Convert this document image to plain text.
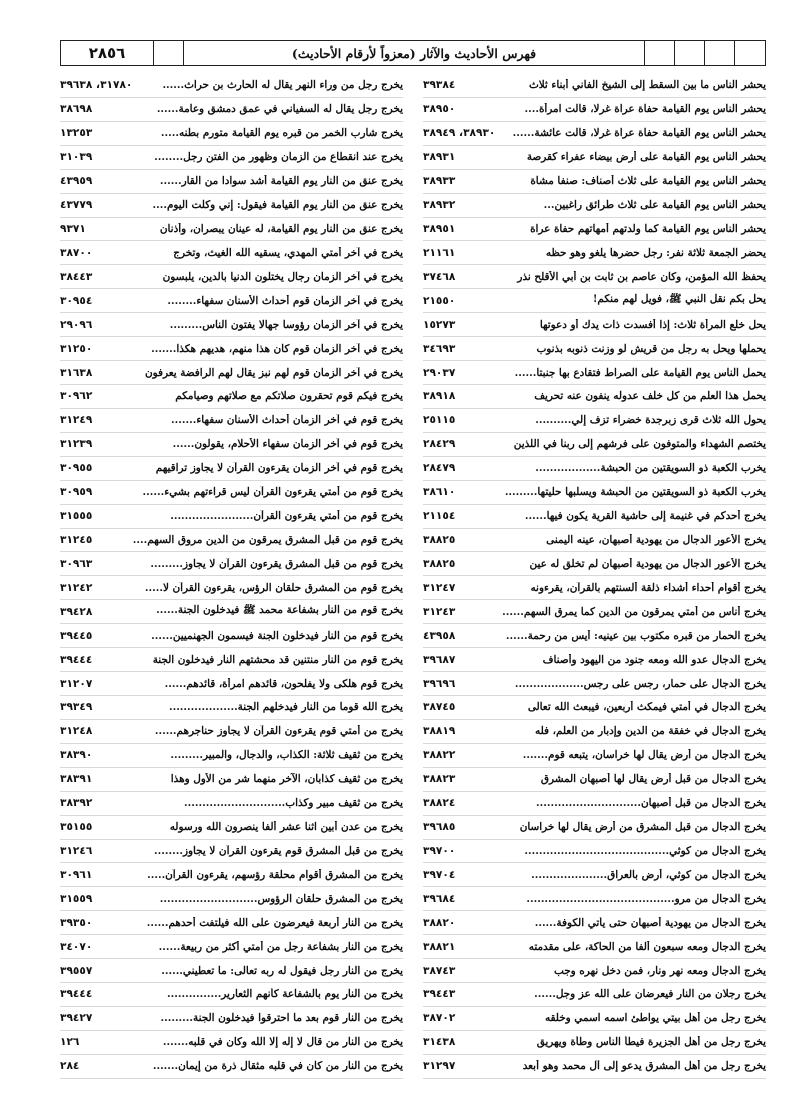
٢٨٥٦	فهرس الأحاديث والآثار (معزواً لأرقام الأحاديث)
يخرج رجل من وراء النهر يقال له الحارث بن حراث......
٣١٧٨٠، ٣٩٦٣٨
يخرج رجل يقال له السفياني في عمق دمشق وعامة......
٣٨٦٩٨
يخرج شارب الخمر من قبره يوم القيامة متورم بطنه.....
١٣٢٥٣
يخرج عند انقطاع من الزمان وظهور من الفتن رجل........
٣١٠٣٩
يخرج عنق من النار يوم القيامة أشد سوادا من القار......
٤٣٩٥٩
يخرج عنق من النار يوم القيامة فيقول: إني وكلت اليوم....
٤٣٧٧٩
يخرج عنق من النار يوم القيامة، له عينان يبصران، وأذنان
٩٣٧١
يخرج في آخر أمتي المهدي، يسقيه الله الغيث، وتخرج
٣٨٧٠٠
يخرج في آخر الزمان رجال يختلون الدنيا بالدين، يلبسون
٣٨٤٤٣
يخرج في آخر الزمان قوم أحداث الأسنان سفهاء........
٣٠٩٥٤
يخرج في آخر الزمان رؤوسا جهالا يفتون الناس.........
٢٩٠٩٦
يخرج في آخر الزمان قوم كان هذا منهم، هديهم هكذا.......
٣١٢٥٠
يخرج في آخر الزمان قوم لهم نبز يقال لهم الرافضة يعرفون
٣١٦٣٨
يخرج فيكم قوم تحقرون صلاتكم مع صلاتهم وصيامكم
٣٠٩٦٢
يخرج قوم في آخر الزمان أحداث الأسنان سفهاء.......
٣١٢٤٩
يخرج قوم في آخر الزمان سفهاء الأحلام، يقولون......
٣١٢٣٩
يخرج قوم في آخر الزمان يقرءون القرآن لا يجاوز تراقيهم
٣٠٩٥٥
يخرج قوم من أمتي يقرءون القرآن ليس قراءتهم بشيء......
٣٠٩٥٩
يخرج قوم من أمتي يقرءون القرآن.......................
٣١٥٥٥
يخرج قوم من قبل المشرق يمرقون من الدين مروق السهم....
٣١٢٤٥
يخرج قوم من قبل المشرق يقرءون القرآن لا يجاوز.........
٣٠٩٦٣
يخرج قوم من المشرق حلقان الرؤس، يقرءون القرآن لا.....
٣١٢٤٢
يخرج قوم من النار بشفاعة محمد ﷺ فيدخلون الجنة......
٣٩٤٢٨
يخرج قوم من النار فيدخلون الجنة فيسمون الجهنميين......
٣٩٤٤٥
يخرج قوم من النار منتنين قد محشتهم النار فيدخلون الجنة
٣٩٤٤٤
يخرج قوم هلكى ولا يفلحون، قائدهم امرأة، قائدهم......
٣١٢٠٧
يخرج الله قوما من النار فيدخلهم الجنة...................
٣٩٣٤٩
يخرج من أمتي قوم يقرءون القرآن لا يجاوز حناجرهم......
٣١٢٤٨
يخرج من ثقيف ثلاثة: الكذاب، والدجال، والمبير.........
٣٨٣٩٠
يخرج من ثقيف كذابان، الآخر منهما شر من الأول وهذا
٣٨٣٩١
يخرج من ثقيف مبير وكذاب............................
٣٨٣٩٢
يخرج من عدن أبين اثنا عشر ألفا ينصرون الله ورسوله
٣٥١٥٥
يخرج من قبل المشرق قوم يقرءون القرآن لا يجاوز........
٣١٢٤٦
يخرج من المشرق أقوام محلقة رؤسهم، يقرءون القرآن.....
٣٠٩٦١
يخرج من المشرق حلقان الرؤوس...........................
٣١٥٥٩
يخرج من النار أربعة فيعرضون على الله فيلتفت أحدهم......
٣٩٣٥٠
يخرج من النار بشفاعة رجل من أمتي أكثر من ربيعة......
٣٤٠٧٠
يخرج من النار رجل فيقول له ربه تعالى: ما تعطيني......
٣٩٥٥٧
يخرج من النار يوم بالشفاعة كأنهم الثعارير...............
٣٩٤٤٤
يخرج من النار قوم بعد ما احترقوا فيدخلون الجنة.........
٣٩٤٢٧
يخرج من النار من قال لا إله إلا الله وكان في قلبه.......
١٢٦
يخرج من النار من كان في قلبه مثقال ذرة من إيمان.......
٢٨٤
يحشر الناس ما بين السقط إلى الشيخ الفاني أبناء ثلاث
٣٩٣٨٤
يحشر الناس يوم القيامة حفاة عراة غرلا، قالت امرأة....
٣٨٩٥٠
يحشر الناس يوم القيامة حفاة عراة غرلا، قالت عائشة......
٣٨٩٣٠، ٣٨٩٤٩
يحشر الناس يوم القيامة على أرض بيضاء عفراء كقرصة
٣٨٩٣١
يحشر الناس يوم القيامة على ثلاث أصناف: صنفا مشاة
٣٨٩٣٣
يحشر الناس يوم القيامة على ثلاث طرائق راغبين...
٣٨٩٣٢
يحشر الناس يوم القيامة كما ولدتهم أمهاتهم حفاة عراة
٣٨٩٥١
يحضر الجمعة ثلاثة نفر: رجل حضرها يلغو وهو حظه
٢١١٦١
يحفظ الله المؤمن، وكان عاصم بن ثابت بن أبي الأقلح نذر
٣٧٤٦٨
يحل بكم نقل النبي ﷺ، فويل لهم منكم!
٢١٥٥٠
يحل خلع المرأة ثلاث: إذا أفسدت ذات يدك أو دعوتها
١٥٢٧٣
يحملها ويحل به رجل من قريش لو وزنت ذنوبه بذنوب
٣٤٦٩٣
يحمل الناس يوم القيامة على الصراط فتقادع بها جنبتا......
٢٩٠٣٧
يحمل هذا العلم من كل خلف عدوله ينفون عنه تحريف
٣٨٩١٨
يحول الله ثلاث قرى زبرجدة خضراء تزف إلي..........
٢٥١١٥
يختصم الشهداء والمتوفون على فرشهم إلى ربنا في اللذين
٢٨٤٢٩
يخرب الكعبة ذو السويقتين من الحبشة..................
٢٨٤٧٩
يخرب الكعبة ذو السويقتين من الحبشة ويسلبها حليتها.........
٣٨٦١٠
يخرج أحدكم في غنيمة إلى حاشية القرية يكون فيها......
٢١١٥٤
يخرج الأعور الدجال من يهودية أصبهان، عينه اليمنى
٣٨٨٢٥
يخرج الأعور الدجال من يهودية أصبهان لم تخلق له عين
٣٨٨٢٥
يخرج أقوام أحداء أشداء ذلقة ألسنتهم بالقرآن، يقرءونه
٣١٢٤٧
يخرج أناس من أمتي يمرقون من الدين كما يمرق السهم......
٣١٢٤٣
يخرج الحمار من قبره مكتوب بين عينيه: أيس من رحمة......
٤٣٩٥٨
يخرج الدجال عدو الله ومعه جنود من اليهود وأصناف
٣٩٦٨٧
يخرج الدجال على حمار، رجس على رجس...................
٣٩٦٩٦
يخرج الدجال في أمتي فيمكث أربعين، فيبعث الله تعالى
٣٨٧٤٥
يخرج الدجال في خفقة من الدين وإدبار من العلم، فله
٣٨٨١٩
يخرج الدجال من أرض يقال لها خراسان، يتبعه قوم.......
٣٨٨٢٢
يخرج الدجال من قبل أرض يقال لها أصبهان المشرق
٣٨٨٢٣
يخرج الدجال من قبل أصبهان.............................
٣٨٨٢٤
يخرج الدجال من قبل المشرق من أرض يقال لها خراسان
٣٩٦٨٥
يخرج الدجال من كوثي........................................
٣٩٧٠٠
يخرج الدجال من كوثي، أرض بالعراق.....................
٣٩٧٠٤
يخرج الدجال من مرو.........................................
٣٩٦٨٤
يخرج الدجال من يهودية أصبهان حتى يأتي الكوفة......
٣٨٨٢٠
يخرج الدجال ومعه سبعون ألفا من الحاكة، على مقدمته
٣٨٨٢١
يخرج الدجال ومعه نهر ونار، فمن دخل نهره وجب
٣٨٧٤٣
يخرج رجلان من النار فيعرضان على الله عز وجل......
٣٩٤٤٣
يخرج رجل من أهل بيتي يواطئ اسمه اسمي وخلقه
٣٨٧٠٢
يخرج رجل من أهل الجزيرة فيطأ الناس وطأة ويهريق
٣١٤٣٨
يخرج رجل من أهل المشرق يدعو إلى آل محمد وهو أبعد
٣١٢٩٧
